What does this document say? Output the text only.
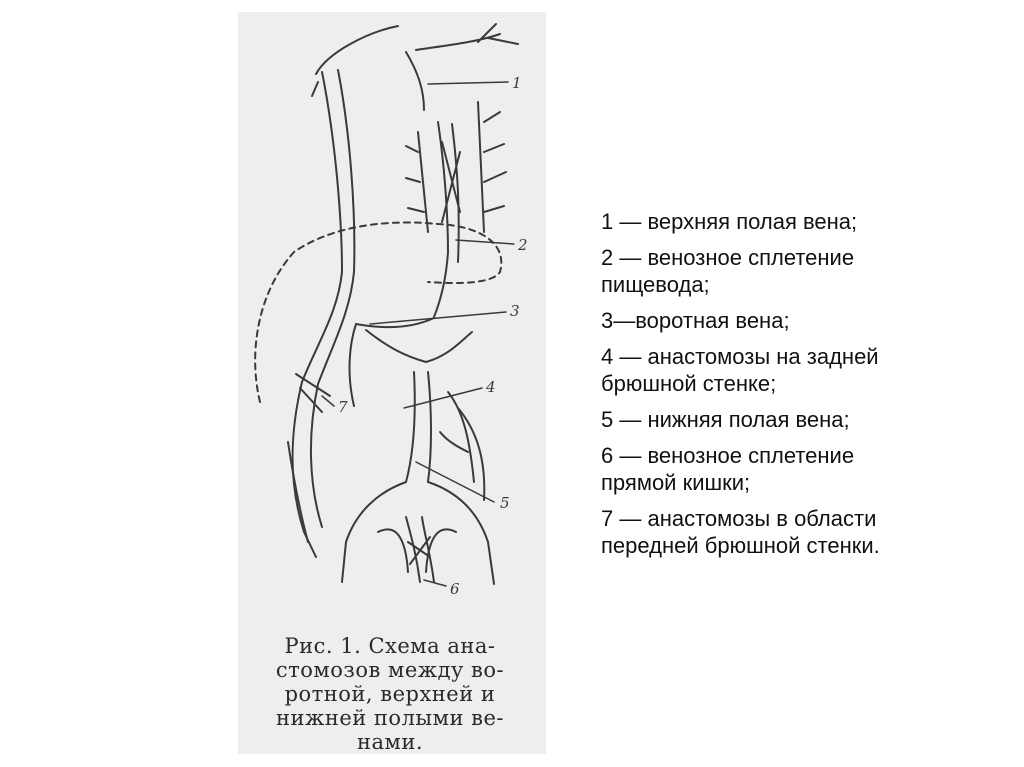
1
2
3
4
5
6
7
Рис. 1. Схема ана-
стомозов между во-
ротной, верхней и
нижней полыми ве-
нами.
1 — верхняя полая вена;
2 — венозное сплетение
пищевода;
3—воротная вена;
4 — анастомозы на задней
брюшной стенке;
5 — нижняя полая вена;
6 — венозное сплетение
прямой кишки;
7 — анастомозы в области
передней брюшной стенки.
